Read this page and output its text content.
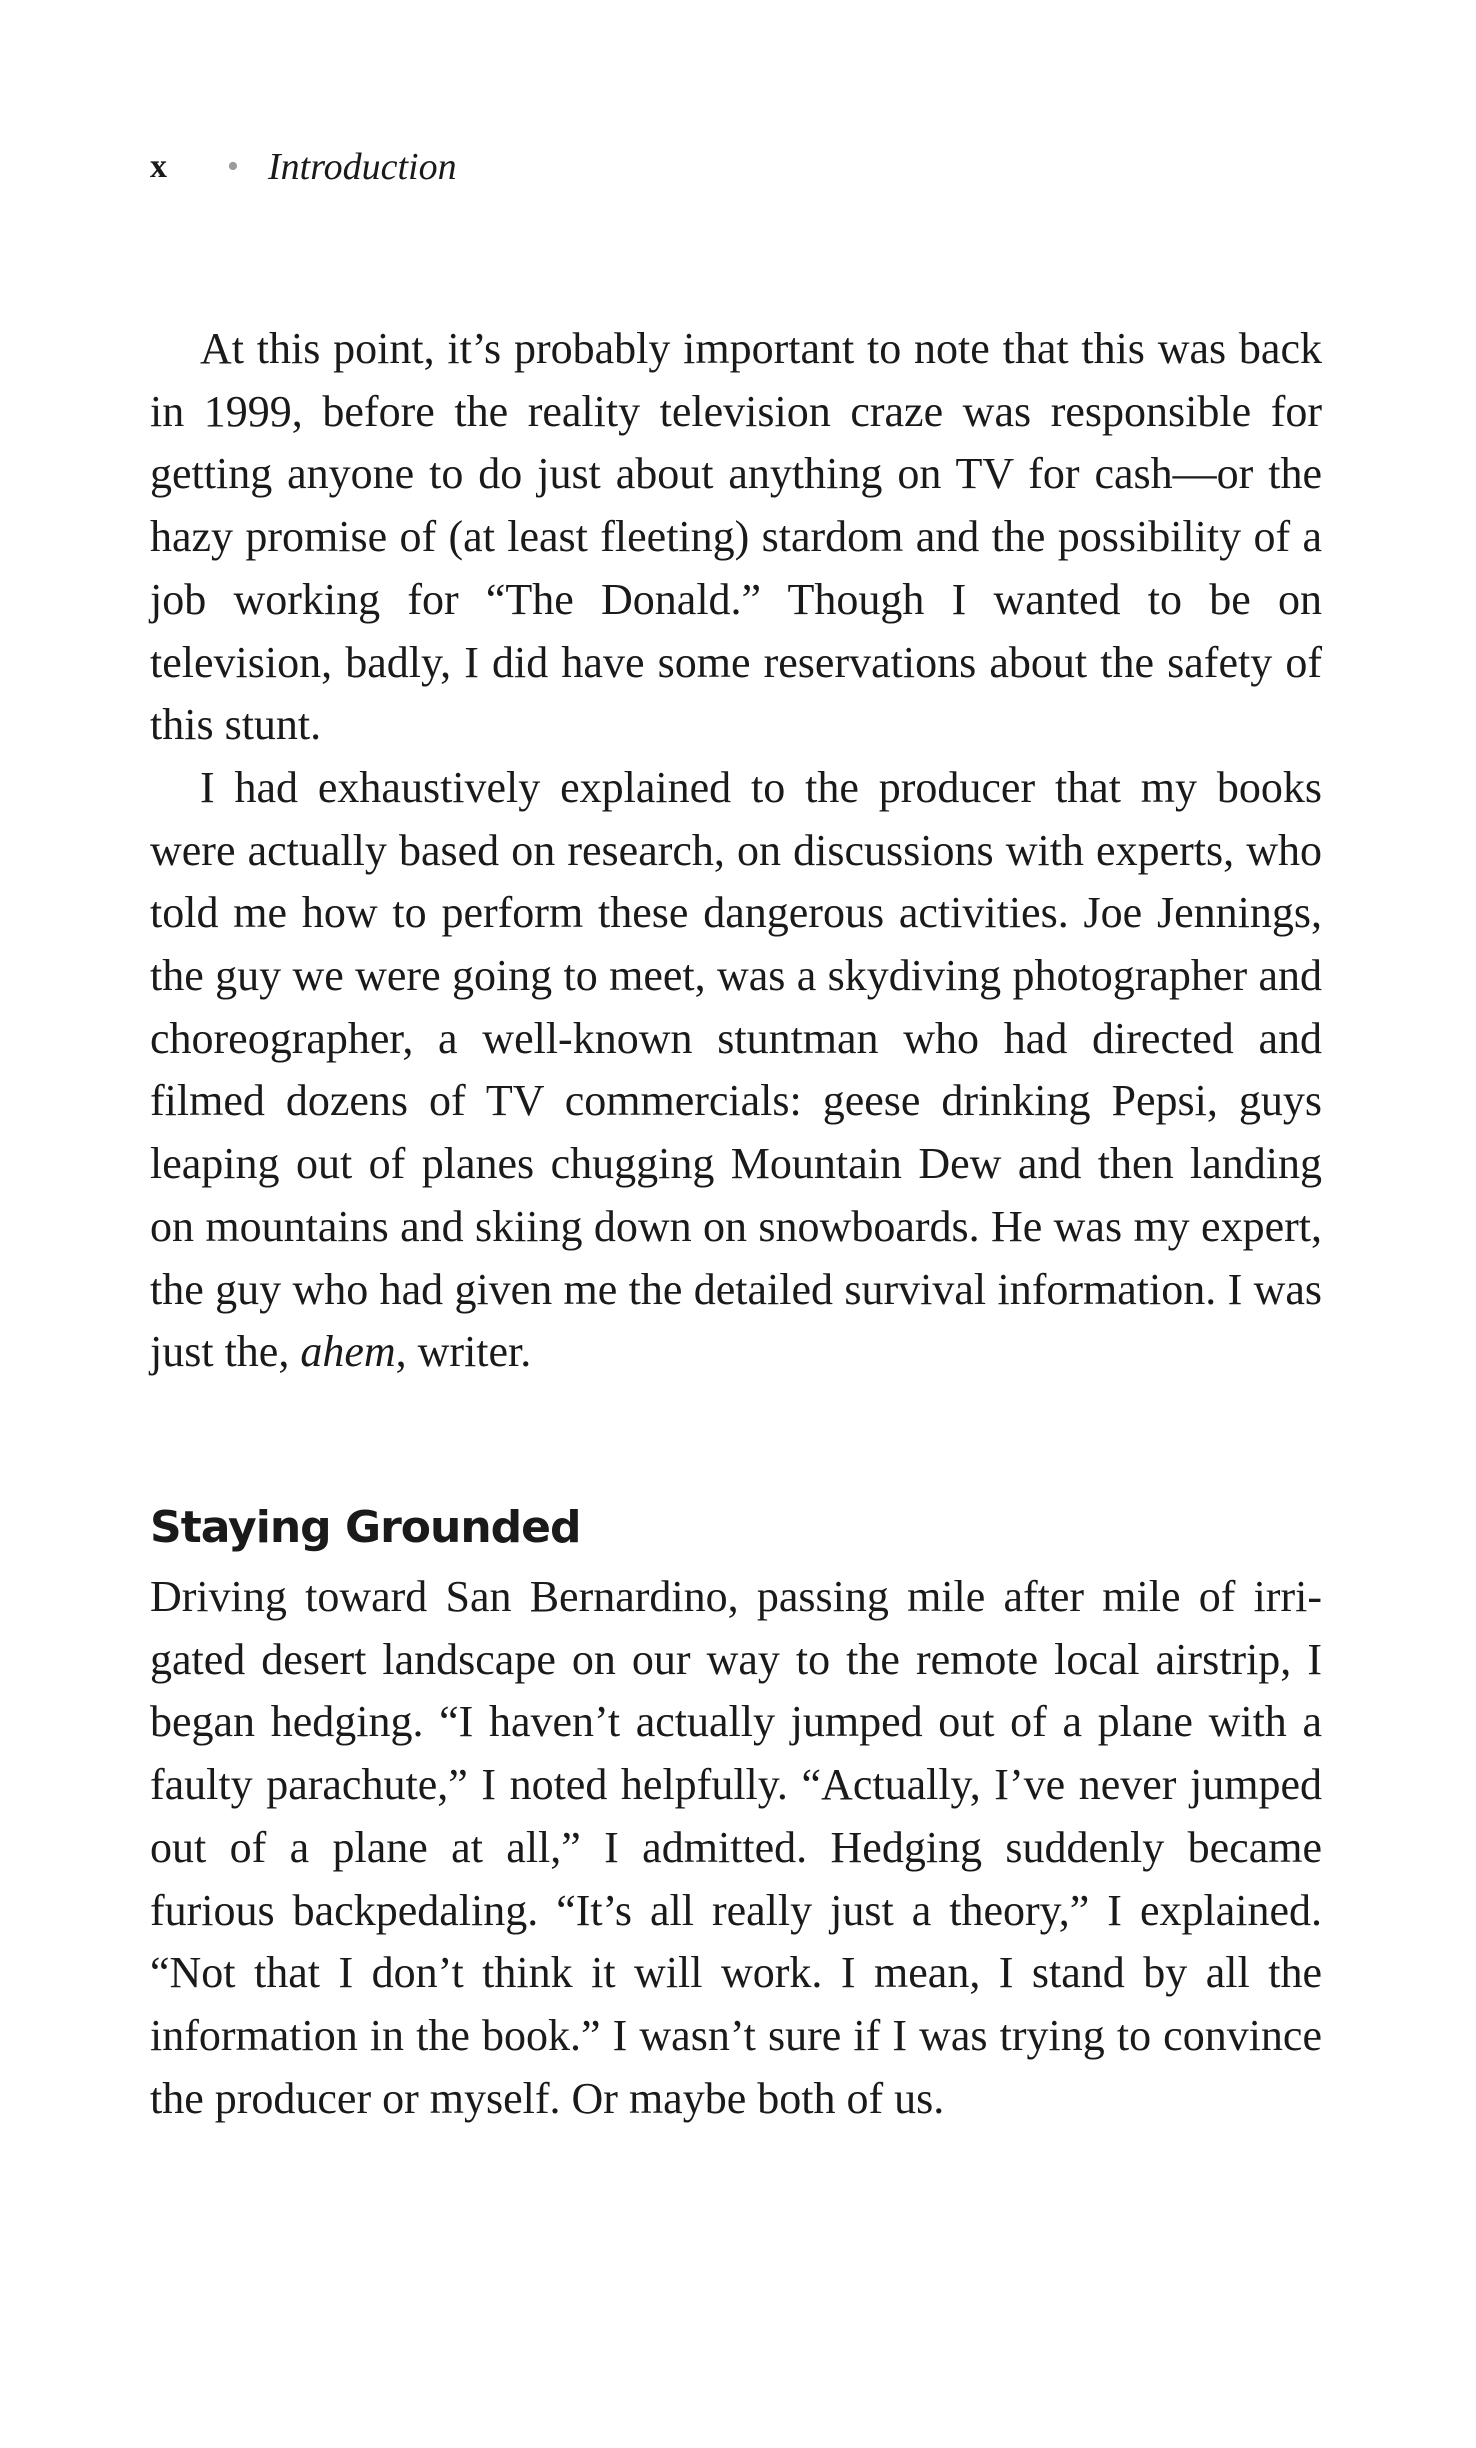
x	• Introduction

At this point, it’s probably important to note that this was back in 1999, before the reality television craze was responsible for getting anyone to do just about anything on TV for cash—or the hazy promise of (at least fleeting) stardom and the possibility of a job working for “The Donald.” Though I wanted to be on television, badly, I did have some reservations about the safety of this stunt.

I had exhaustively explained to the producer that my books were actually based on research, on discussions with experts, who told me how to perform these dangerous activities. Joe Jennings, the guy we were going to meet, was a skydiving photographer and choreographer, a well-known stuntman who had directed and filmed dozens of TV commercials: geese drinking Pepsi, guys leaping out of planes chugging Mountain Dew and then landing on mountains and skiing down on snowboards. He was my expert, the guy who had given me the detailed survival information. I was just the, ahem, writer.

Staying Grounded

Driving toward San Bernardino, passing mile after mile of irrigated desert landscape on our way to the remote local airstrip, I began hedging. “I haven’t actually jumped out of a plane with a faulty parachute,” I noted helpfully. “Actually, I’ve never jumped out of a plane at all,” I admitted. Hedging suddenly became furious backpedaling. “It’s all really just a theory,” I explained. “Not that I don’t think it will work. I mean, I stand by all the information in the book.” I wasn’t sure if I was trying to convince the producer or myself. Or maybe both of us.
